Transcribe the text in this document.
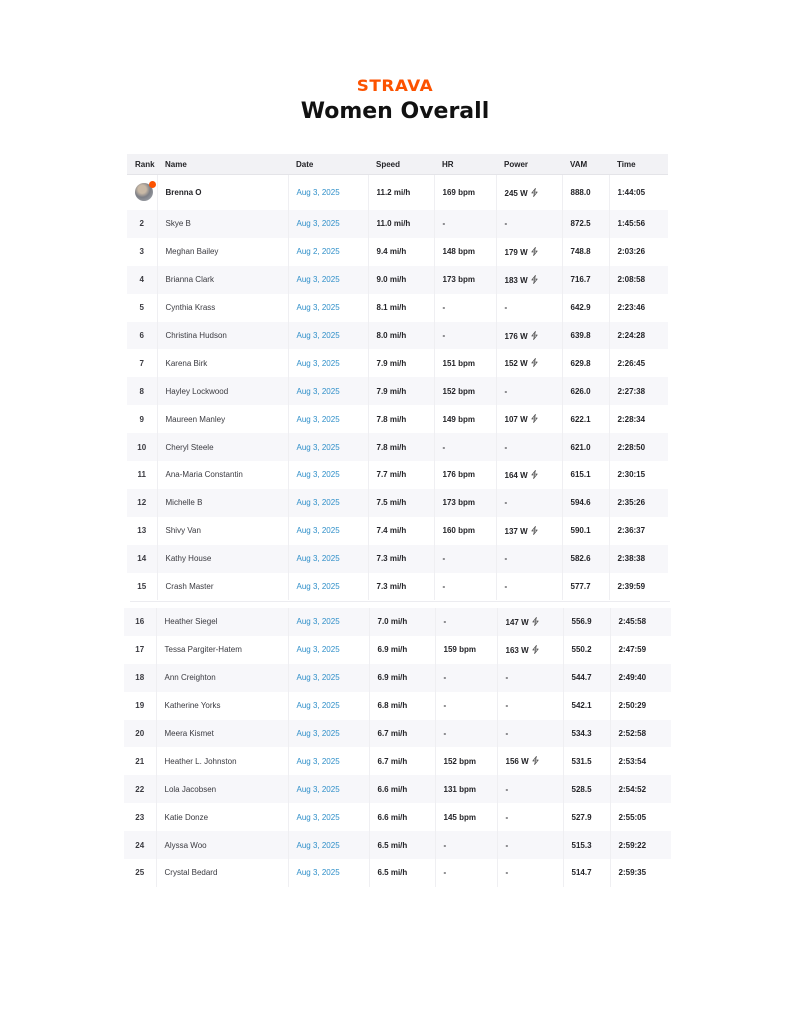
STRAVA
Women Overall
Rank	Name	Date	Speed	HR	Power	VAM	Time

	Brenna O	Aug 3, 2025	11.2 mi/h	169 bpm	245 W	888.0	1:44:05
2	Skye B	Aug 3, 2025	11.0 mi/h	-	-	872.5	1:45:56
3	Meghan Bailey	Aug 2, 2025	9.4 mi/h	148 bpm	179 W	748.8	2:03:26
4	Brianna Clark	Aug 3, 2025	9.0 mi/h	173 bpm	183 W	716.7	2:08:58
5	Cynthia Krass	Aug 3, 2025	8.1 mi/h	-	-	642.9	2:23:46
6	Christina Hudson	Aug 3, 2025	8.0 mi/h	-	176 W	639.8	2:24:28
7	Karena Birk	Aug 3, 2025	7.9 mi/h	151 bpm	152 W	629.8	2:26:45
8	Hayley Lockwood	Aug 3, 2025	7.9 mi/h	152 bpm	-	626.0	2:27:38
9	Maureen Manley	Aug 3, 2025	7.8 mi/h	149 bpm	107 W	622.1	2:28:34
10	Cheryl Steele	Aug 3, 2025	7.8 mi/h	-	-	621.0	2:28:50
11	Ana-Maria Constantin	Aug 3, 2025	7.7 mi/h	176 bpm	164 W	615.1	2:30:15
12	Michelle B	Aug 3, 2025	7.5 mi/h	173 bpm	-	594.6	2:35:26
13	Shivy Van	Aug 3, 2025	7.4 mi/h	160 bpm	137 W	590.1	2:36:37
14	Kathy House	Aug 3, 2025	7.3 mi/h	-	-	582.6	2:38:38
15	Crash Master	Aug 3, 2025	7.3 mi/h	-	-	577.7	2:39:59
16	Heather Siegel	Aug 3, 2025	7.0 mi/h	-	147 W	556.9	2:45:58
17	Tessa Pargiter-Hatem	Aug 3, 2025	6.9 mi/h	159 bpm	163 W	550.2	2:47:59
18	Ann Creighton	Aug 3, 2025	6.9 mi/h	-	-	544.7	2:49:40
19	Katherine Yorks	Aug 3, 2025	6.8 mi/h	-	-	542.1	2:50:29
20	Meera Kismet	Aug 3, 2025	6.7 mi/h	-	-	534.3	2:52:58
21	Heather L. Johnston	Aug 3, 2025	6.7 mi/h	152 bpm	156 W	531.5	2:53:54
22	Lola Jacobsen	Aug 3, 2025	6.6 mi/h	131 bpm	-	528.5	2:54:52
23	Katie Donze	Aug 3, 2025	6.6 mi/h	145 bpm	-	527.9	2:55:05
24	Alyssa Woo	Aug 3, 2025	6.5 mi/h	-	-	515.3	2:59:22
25	Crystal Bedard	Aug 3, 2025	6.5 mi/h	-	-	514.7	2:59:35
